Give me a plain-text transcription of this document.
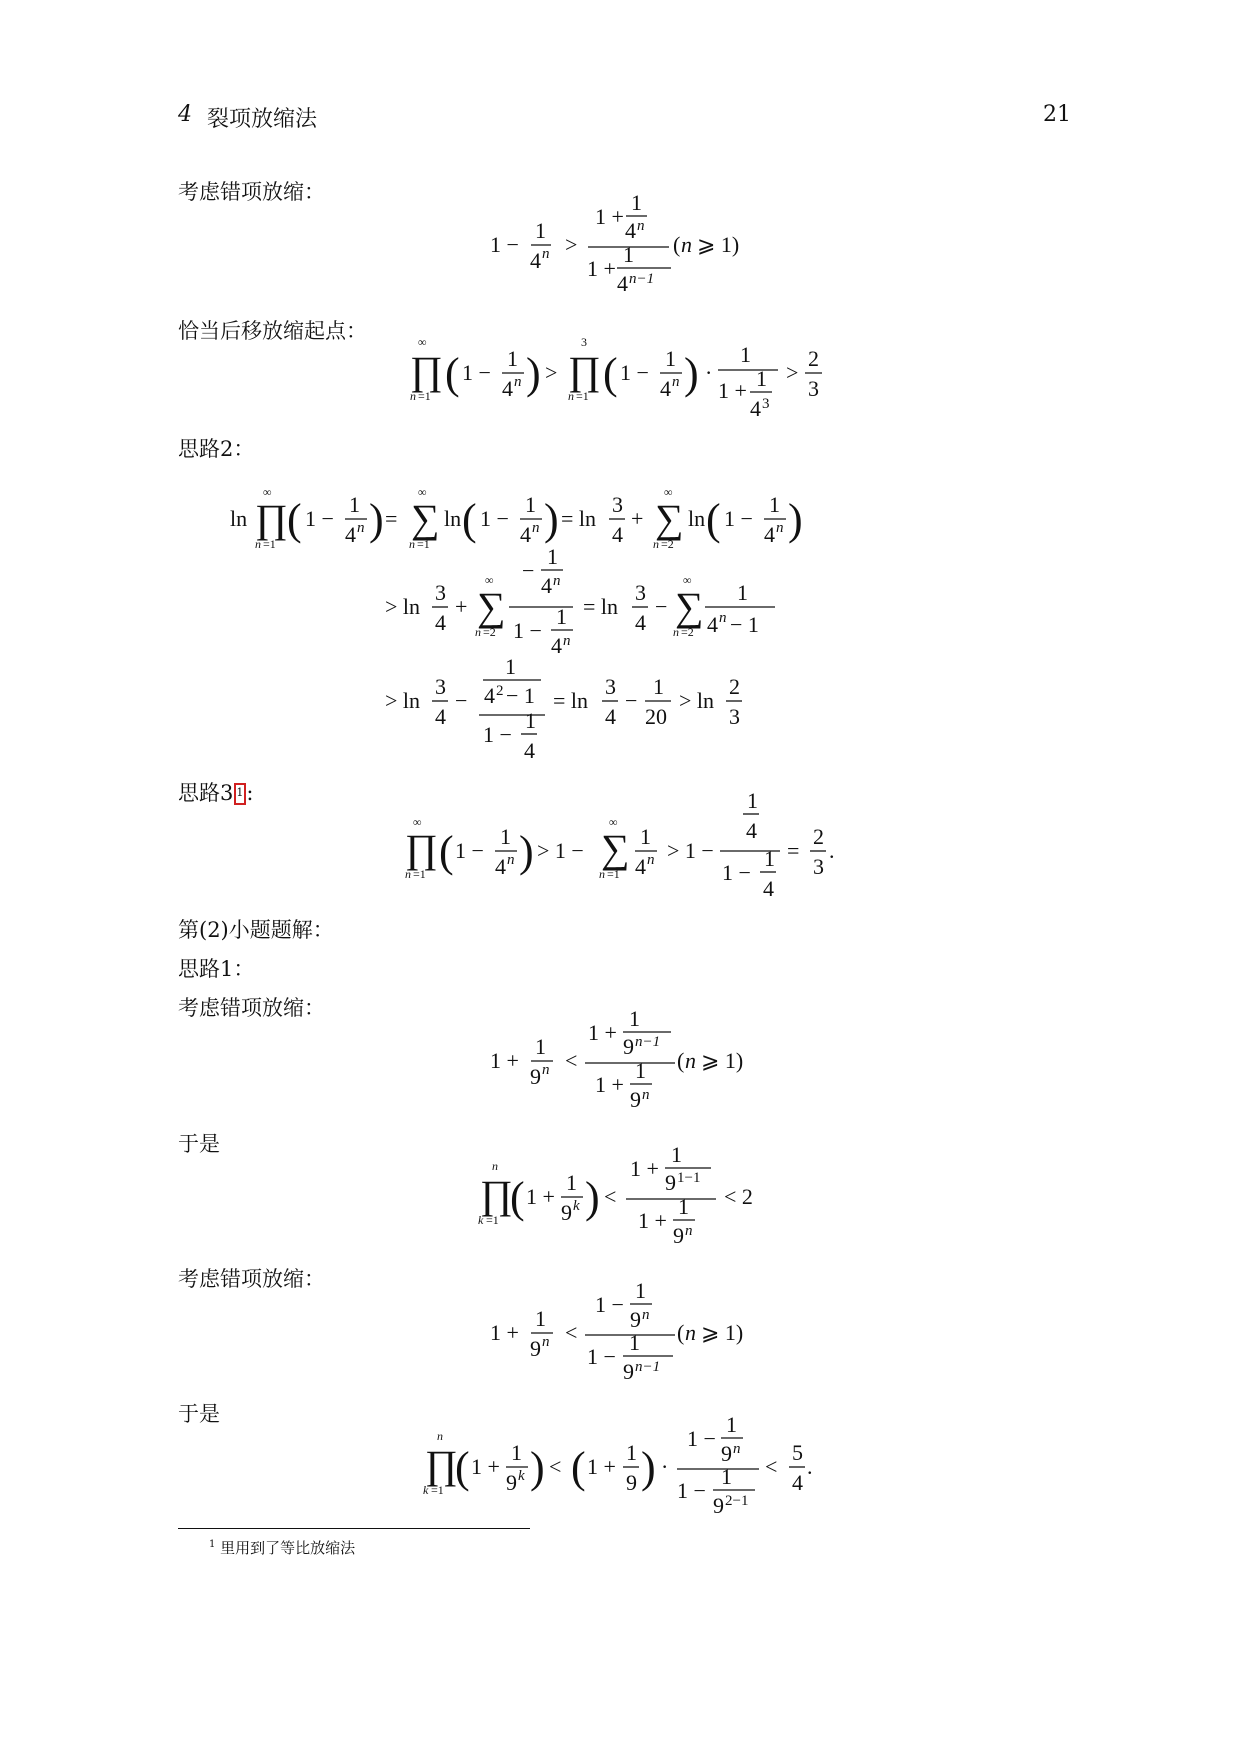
4 裂项放缩法	21
考虑错项放缩：
1 −
1
4 n >
1 +
1
4 n
1 +
1
4 n−1
( n ⩾ 1)
恰当后移放缩起点：	∞
∏
n =1 ( 1 −
1
4 n ) >
3
∏
n =1 ( 1 −
1
4 n ) ·
1
1 + 1
4 3
>
2
3
思路2：
ln
∞
∏
n =1 ( 1 −
1
4 n ) =
∞
∑
n =1
ln ( 1 −
1
4 n ) = ln
3
4
+
∞
∑
n =2
ln ( 1 −
1
4 n )
> ln
3
4
+
∞
∑
n =2
−
1
4 n
1 −
1
4 n
= ln
3
4
−
∞
∑
n =2
1
4 n − 1
> ln
3
4
−
1
4 2 − 1
1 −
1
4
= ln
3
4
−
1
20
> ln
2
3
思路3 $^1$ :
∞
∏
n =1 ( 1 −
1
4 n ) > 1 −
∞
∑
n =1
1
4 n > 1 −
1
4
1 −
1
4
=
2
3
.
第(2)小题题解：
思路1：
考虑错项放缩：
1 +
1
9 n <
1 +
1
9 n−1
1 +
1
9 n
( n ⩾ 1)
于是
n
∏
k =1 ( 1 +
1
9 k ) <
1 +
1
9 1−1
1 +
1
9 n
< 2
考虑错项放缩：
1 +
1
9 n <
1 −
1
9 n
1 −
1
9 n−1
( n ⩾ 1)
于是
n
∏
k =1 ( 1 +
1
9 k ) < ( 1 +
1
9 ) ·
1 −
1
9 n
1 −
1
9 2−1
<
5
4
.
$^1$ 里用到了等比放缩法
